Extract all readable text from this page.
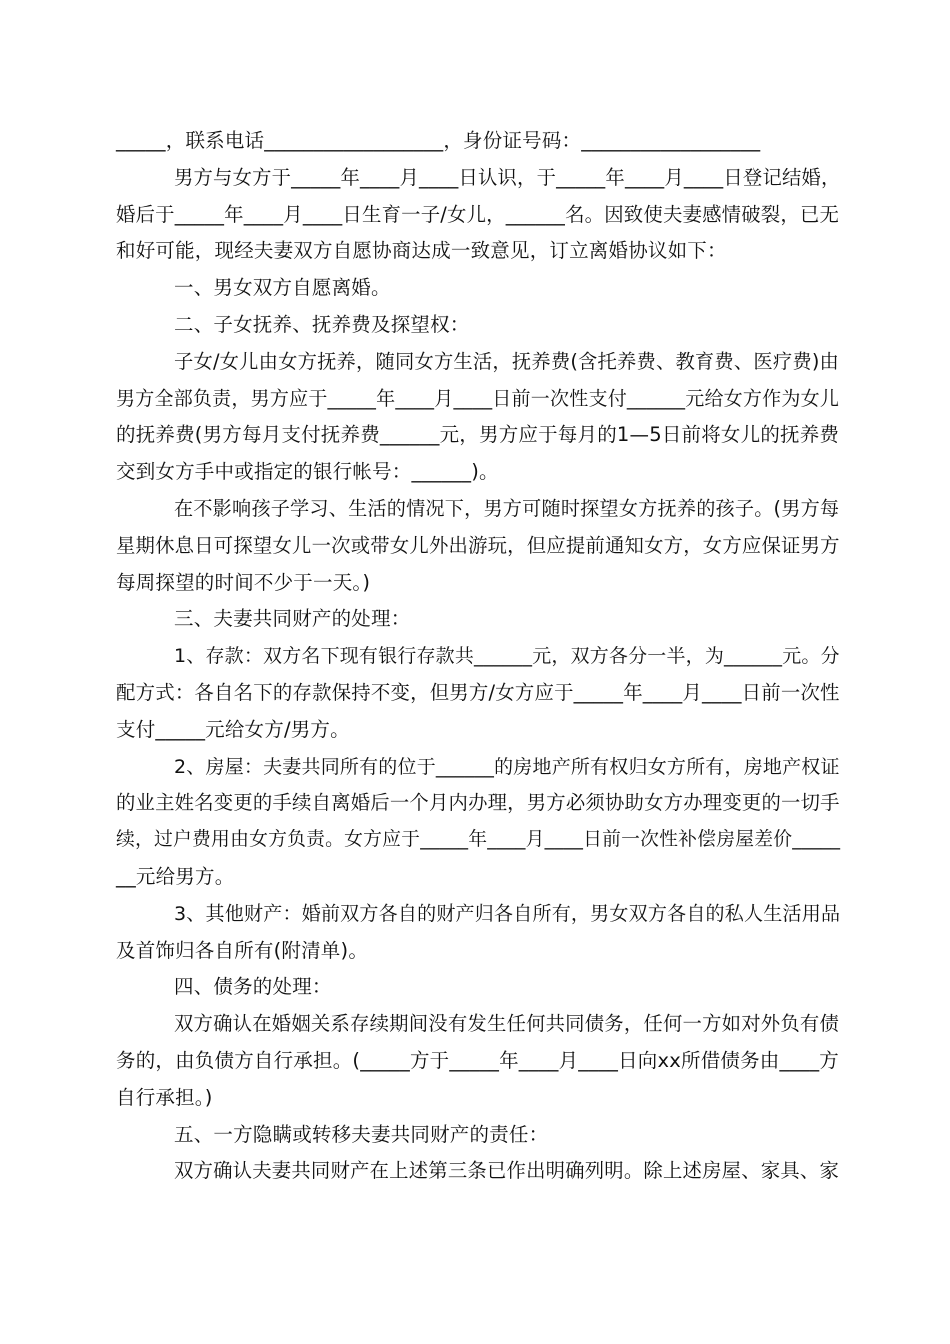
_____，联系电话__________________，身份证号码：__________________
男方与女方于_____年____月____日认识，于_____年____月____日登记结婚，
婚后于_____年____月____日生育一子/女儿，______名。因致使夫妻感情破裂，已无
和好可能，现经夫妻双方自愿协商达成一致意见，订立离婚协议如下：
一、男女双方自愿离婚。
二、子女抚养、抚养费及探望权：
子女/女儿由女方抚养，随同女方生活，抚养费(含托养费、教育费、医疗费)由
男方全部负责，男方应于_____年____月____日前一次性支付______元给女方作为女儿
的抚养费(男方每月支付抚养费______元，男方应于每月的1—5日前将女儿的抚养费
交到女方手中或指定的银行帐号：______)。
在不影响孩子学习、生活的情况下，男方可随时探望女方抚养的孩子。(男方每
星期休息日可探望女儿一次或带女儿外出游玩，但应提前通知女方，女方应保证男方
每周探望的时间不少于一天。)
三、夫妻共同财产的处理：
1、存款：双方名下现有银行存款共______元，双方各分一半，为______元。分
配方式：各自名下的存款保持不变，但男方/女方应于_____年____月____日前一次性
支付_____元给女方/男方。
2、房屋：夫妻共同所有的位于______的房地产所有权归女方所有，房地产权证
的业主姓名变更的手续自离婚后一个月内办理，男方必须协助女方办理变更的一切手
续，过户费用由女方负责。女方应于_____年____月____日前一次性补偿房屋差价_____
__元给男方。
3、其他财产：婚前双方各自的财产归各自所有，男女双方各自的私人生活用品
及首饰归各自所有(附清单)。
四、债务的处理：
双方确认在婚姻关系存续期间没有发生任何共同债务，任何一方如对外负有债
务的，由负债方自行承担。(_____方于_____年____月____日向xx所借债务由____方
自行承担。)
五、一方隐瞒或转移夫妻共同财产的责任：
双方确认夫妻共同财产在上述第三条已作出明确列明。除上述房屋、家具、家
